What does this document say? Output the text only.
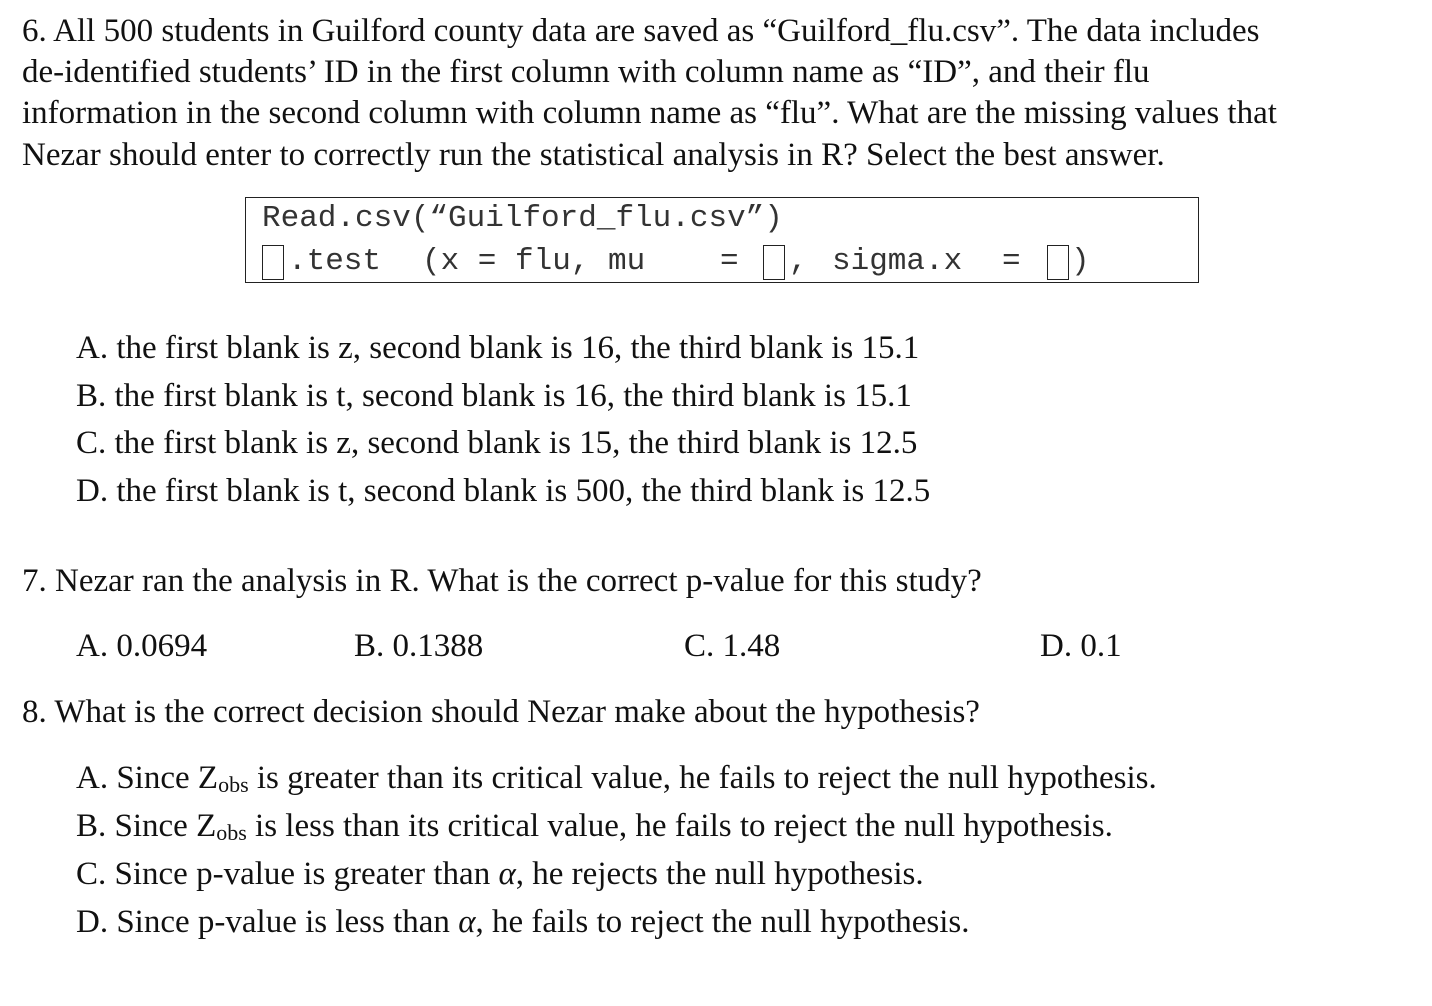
6. All 500 students in Guilford county data are saved as “Guilford_flu.csv”. The data includes
de-identified students’ ID in the first column with column name as “ID”, and their flu
information in the second column with column name as “flu”. What are the missing values that
Nezar should enter to correctly run the statistical analysis in R? Select the best answer.
Read.csv(“Guilford_flu.csv”)
.test (x = flu, mu = , sigma.x = )
A. the first blank is z, second blank is 16, the third blank is 15.1
B. the first blank is t, second blank is 16, the third blank is 15.1
C. the first blank is z, second blank is 15, the third blank is 12.5
D. the first blank is t, second blank is 500, the third blank is 12.5
7. Nezar ran the analysis in R. What is the correct p-value for this study?
A. 0.0694	B. 0.1388	C. 1.48	D. 0.1
8. What is the correct decision should Nezar make about the hypothesis?
A. Since Zobs is greater than its critical value, he fails to reject the null hypothesis.
B. Since Zobs is less than its critical value, he fails to reject the null hypothesis.
C. Since p-value is greater than α, he rejects the null hypothesis.
D. Since p-value is less than α, he fails to reject the null hypothesis.
